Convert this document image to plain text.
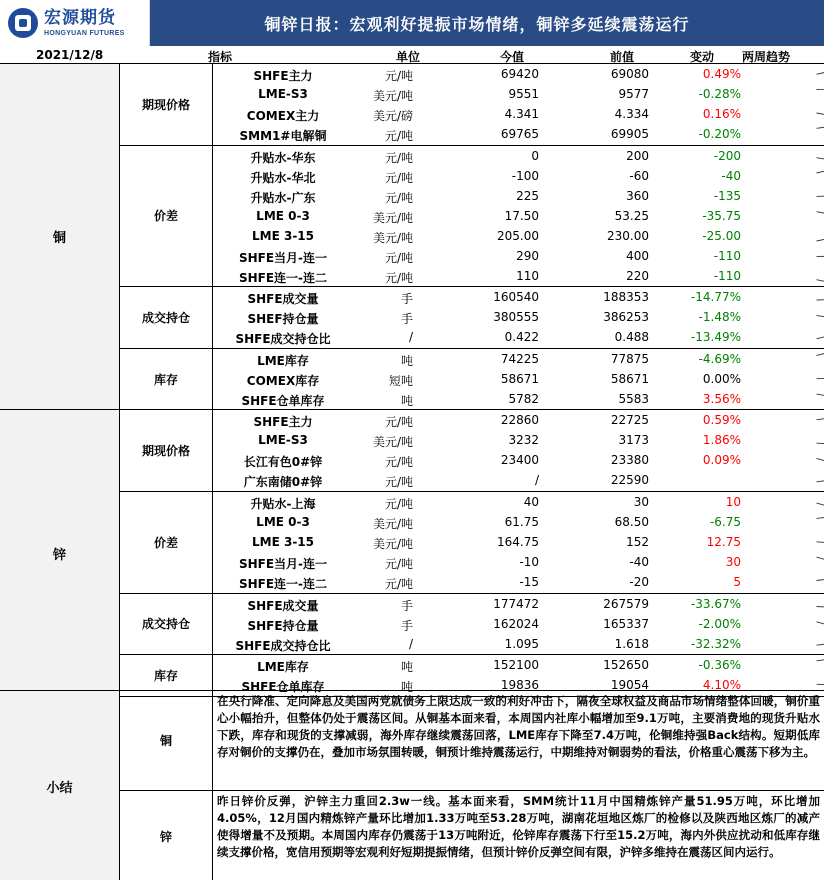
宏源期货
HONGYUAN FUTURES	铜锌日报：宏观利好提振市场情绪，铜锌多延续震荡运行
2021/12/8	指标	单位	今值	前值	变动 两周趋势
铜
期现价格
SHFE主力	元/吨	69420	69080	0.49%
LME-S3	美元/吨	9551	9577	-0.28%
COMEX主力	美元/磅	4.341	4.334	0.16%
SMM1#电解铜	元/吨	69765	69905	-0.20%
价差
升贴水-华东	元/吨	0	200	-200
升贴水-华北	元/吨	-100	-60	-40
升贴水-广东	元/吨	225	360	-135
LME 0-3	美元/吨	17.50	53.25	-35.75
LME 3-15	美元/吨	205.00	230.00	-25.00
SHFE当月-连一	元/吨	290	400	-110
SHFE连一-连二	元/吨	110	220	-110
成交持仓
SHFE成交量	手	160540	188353	-14.77%
SHEF持仓量	手	380555	386253	-1.48%
SHFE成交持仓比	/	0.422	0.488	-13.49%
库存
LME库存	吨	74225	77875	-4.69%
COMEX库存	短吨	58671	58671	0.00%
SHFE仓单库存	吨	5782	5583	3.56%
锌
期现价格
SHFE主力	元/吨	22860	22725	0.59%
LME-S3	美元/吨	3232	3173	1.86%
长江有色0#锌	元/吨	23400	23380	0.09%
广东南储0#锌	元/吨	/	22590
价差
升贴水-上海	元/吨	40	30	10
LME 0-3	美元/吨	61.75	68.50	-6.75
LME 3-15	美元/吨	164.75	152	12.75
SHFE当月-连一	元/吨	-10	-40	30
SHFE连一-连二	元/吨	-15	-20	5
成交持仓
SHFE成交量	手	177472	267579	-33.67%
SHFE持仓量	手	162024	165337	-2.00%
SHFE成交持仓比	/	1.095	1.618	-32.32%
库存
LME库存	吨	152100	152650	-0.36%
SHFE仓单库存	吨	19836	19054	4.10%
小结
铜
在央行降准、定向降息及美国两党就债务上限达成一致的利好冲击下，隔夜全球权益及商品市场情绪整体回暖，铜价重心小幅抬升，但整体仍处于震荡区间。从铜基本面来看，本周国内社库小幅增加至9.1万吨，主要消费地的现货升贴水下跌，库存和现货的支撑减弱，海外库存继续震荡回落，LME库存下降至7.4万吨，伦铜维持强Back结构。短期低库存对铜价的支撑仍在，叠加市场氛围转暖，铜预计维持震荡运行，中期维持对铜弱势的看法，价格重心震荡下移为主。
锌
昨日锌价反弹，沪锌主力重回2.3w一线。基本面来看，SMM统计11月中国精炼锌产量51.95万吨，环比增加4.05%，12月国内精炼锌产量环比增加1.33万吨至53.28万吨，湖南花垣地区炼厂的检修以及陕西地区炼厂的减产使得增量不及预期。本周国内库存仍震荡于13万吨附近，伦锌库存震荡下行至15.2万吨，海内外供应扰动和低库存继续支撑价格，宽信用预期等宏观利好短期提振情绪，但预计锌价反弹空间有限，沪锌多维持在震荡区间内运行。
